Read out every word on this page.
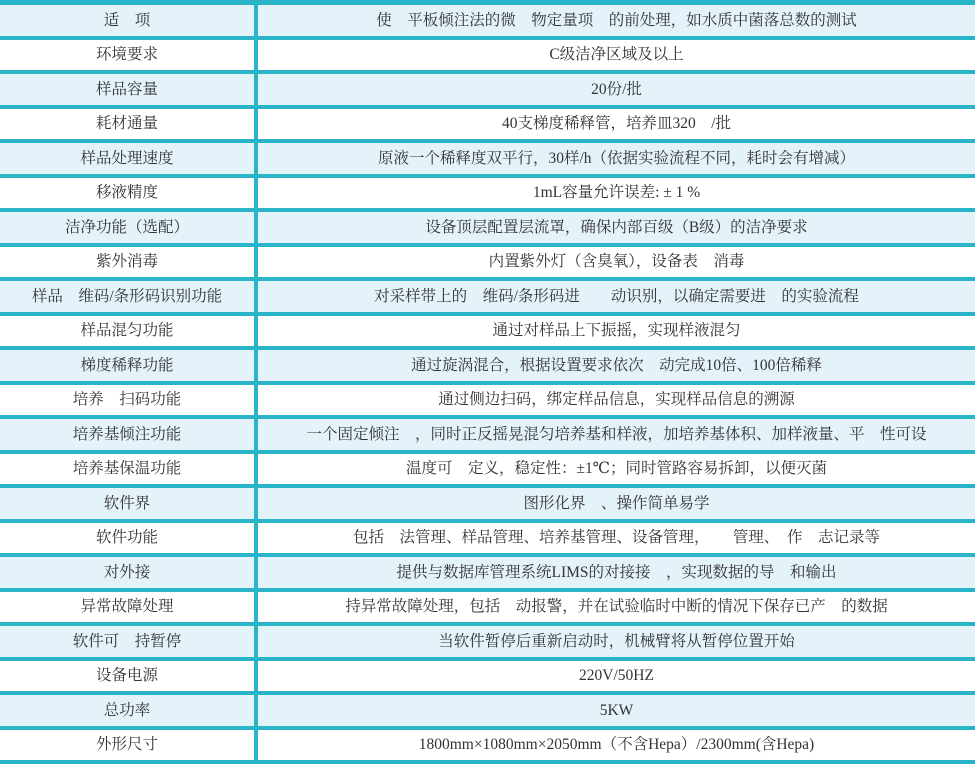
适　项	使　平板倾注法的微　物定量项　的前处理，如水质中菌落总数的测试
环境要求	C级洁净区域及以上
样品容量	20份/批
耗材通量	40支梯度稀释管，培养皿320　/批
样品处理速度	原液一个稀释度双平行，30样/h（依据实验流程不同，耗时会有增减）
移液精度	1mL容量允许误差: ± 1 %
洁净功能（选配）	设备顶层配置层流罩，确保内部百级（B级）的洁净要求
紫外消毒	内置紫外灯（含臭氧），设备表　消毒
样品　维码/条形码识别功能	对采样带上的　维码/条形码进　　动识别，以确定需要进　的实验流程
样品混匀功能	通过对样品上下振摇，实现样液混匀
梯度稀释功能	通过旋涡混合，根据设置要求依次　动完成10倍、100倍稀释
培养　扫码功能	通过侧边扫码，绑定样品信息，实现样品信息的溯源
培养基倾注功能	一个固定倾注　，同时正反摇晃混匀培养基和样液，加培养基体积、加样液量、平　性可设
培养基保温功能	温度可　定义，稳定性：±1℃；同时管路容易拆卸，以便灭菌
软件界	图形化界　、操作简单易学
软件功能	包括　法管理、样品管理、培养基管理、设备管理，　　管理、　作　志记录等
对外接	提供与数据库管理系统LIMS的对接接　，实现数据的导　和输出
异常故障处理	持异常故障处理，包括　动报警，并在试验临时中断的情况下保存已产　的数据
软件可　持暂停	当软件暂停后重新启动时，机械臂将从暂停位置开始
设备电源	220V/50HZ
总功率	5KW
外形尺寸	1800mm×1080mm×2050mm（不含Hepa）/2300mm(含Hepa)
